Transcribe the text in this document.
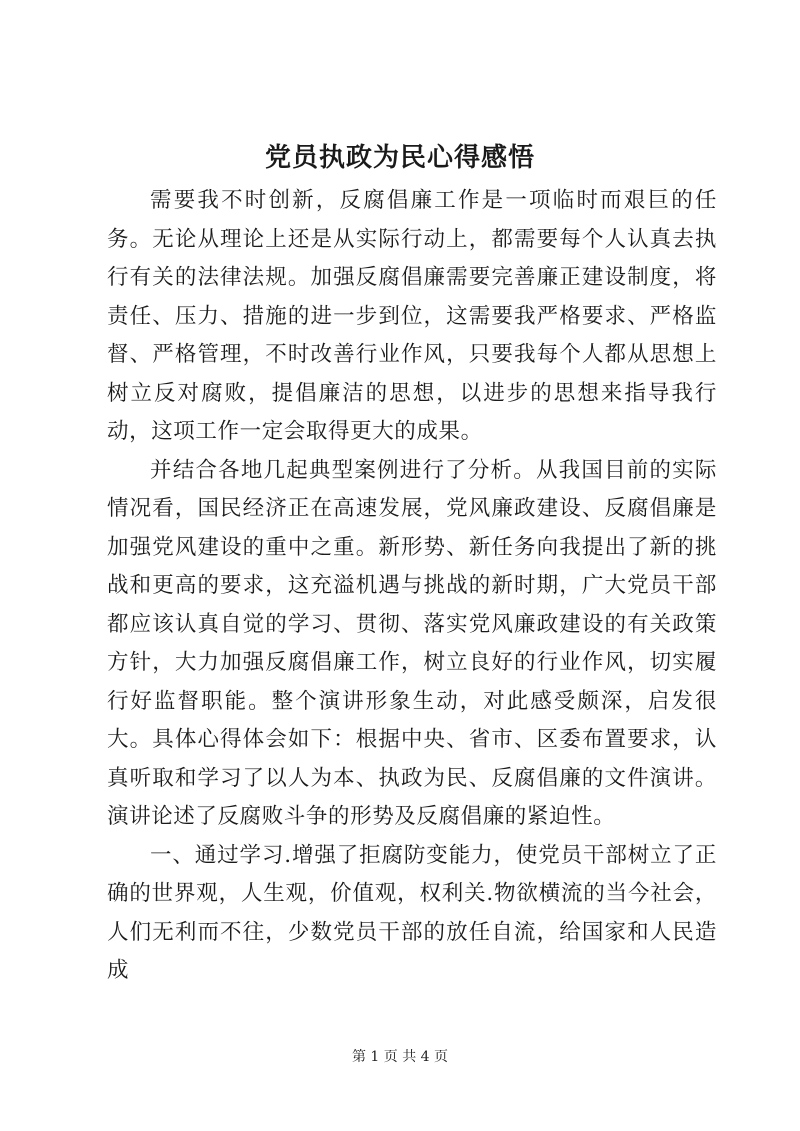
党员执政为民心得感悟

需要我不时创新，反腐倡廉工作是一项临时而艰巨的任务。无论从理论上还是从实际行动上，都需要每个人认真去执行有关的法律法规。加强反腐倡廉需要完善廉正建设制度，将责任、压力、措施的进一步到位，这需要我严格要求、严格监督、严格管理，不时改善行业作风，只要我每个人都从思想上树立反对腐败，提倡廉洁的思想，以进步的思想来指导我行动，这项工作一定会取得更大的成果。

并结合各地几起典型案例进行了分析。从我国目前的实际情况看，国民经济正在高速发展，党风廉政建设、反腐倡廉是加强党风建设的重中之重。新形势、新任务向我提出了新的挑战和更高的要求，这充溢机遇与挑战的新时期，广大党员干部都应该认真自觉的学习、贯彻、落实党风廉政建设的有关政策方针，大力加强反腐倡廉工作，树立良好的行业作风，切实履行好监督职能。整个演讲形象生动，对此感受颇深，启发很大。具体心得体会如下：根据中央、省市、区委布置要求，认真听取和学习了以人为本、执政为民、反腐倡廉的文件演讲。演讲论述了反腐败斗争的形势及反腐倡廉的紧迫性。

一、通过学习.增强了拒腐防变能力，使党员干部树立了正确的世界观，人生观，价值观，权利关.物欲横流的当今社会，人们无利而不往，少数党员干部的放任自流，给国家和人民造成

第 1 页 共 4 页
